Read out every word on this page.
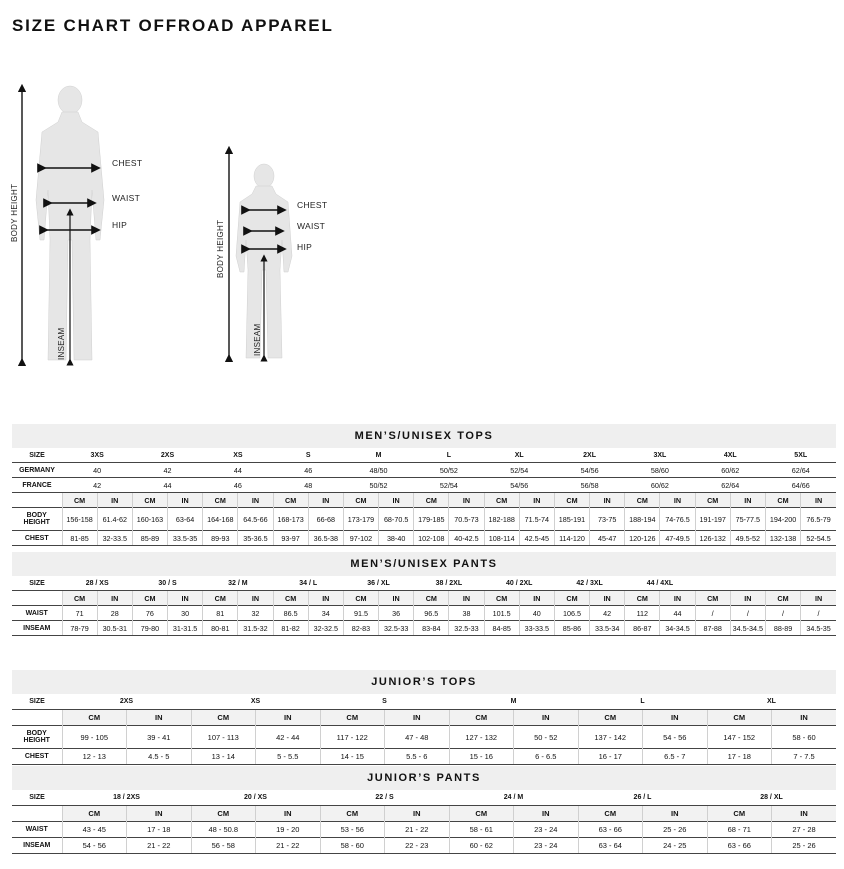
SIZE CHART OFFROAD APPAREL
CHEST
WAIST
HIP
BODY HEIGHT
INSEAM
CHEST
WAIST
HIP
BODY HEIGHT
INSEAM
MEN’S/UNISEX TOPS
SIZE	3XS		2XS		XS		S		M		L		XL		2XL		3XL		4XL		5XL	
GERMANY	40		42		44		46		48/50		50/52		52/54		54/56		58/60		60/62		62/64	
FRANCE	42		44		46		48		50/52		52/54		54/56		56/58		60/62		62/64		64/66	
	CM	IN	CM	IN	CM	IN	CM	IN	CM	IN	CM	IN	CM	IN	CM	IN	CM	IN	CM	IN	CM	IN

BODY
HEIGHT	156-158	61.4-62	160-163	63-64	164-168	64.5-66	168-173	66-68	173-179	68-70.5	179-185	70.5-73	182-188	71.5-74	185-191	73-75	188-194	74-76.5	191-197	75-77.5	194-200	76.5-79

CHEST	81-85	32-33.5	85-89	33.5-35	89-93	35-36.5	93-97	36.5-38	97-102	38-40	102-108	40-42.5	108-114	42.5-45	114-120	45-47	120-126	47-49.5	126-132	49.5-52	132-138	52-54.5
MEN’S/UNISEX PANTS
SIZE	28 / XS		30 / S		32 / M		34 / L		36 / XL		38 / 2XL		40 / 2XL		42 / 3XL		44 / 4XL					
	CM	IN	CM	IN	CM	IN	CM	IN	CM	IN	CM	IN	CM	IN	CM	IN	CM	IN	CM	IN	CM	IN

WAIST	71	28	76	30	81	32	86.5	34	91.5	36	96.5	38	101.5	40	106.5	42	112	44	/	/	/	/

INSEAM	78-79	30.5-31	79-80	31-31.5	80-81	31.5-32	81-82	32-32.5	82-83	32.5-33	83-84	32.5-33	84-85	33-33.5	85-86	33.5-34	86-87	34-34.5	87-88	34.5-34.5	88-89	34.5-35
JUNIOR’S TOPS
SIZE	2XS		XS		S		M		L		XL	
	CM	IN	CM	IN	CM	IN	CM	IN	CM	IN	CM	IN

BODY
HEIGHT	99 - 105	39 - 41	107 - 113	42 - 44	117 - 122	47 - 48	127 - 132	50 - 52	137 - 142	54 - 56	147 - 152	58 - 60

CHEST	12 - 13	4.5 - 5	13 - 14	5 - 5.5	14 - 15	5.5 - 6	15 - 16	6 - 6.5	16 - 17	6.5 - 7	17 - 18	7 - 7.5
JUNIOR’S PANTS
SIZE	18 / 2XS		20 / XS		22 / S		24 / M		26 / L		28 / XL	
	CM	IN	CM	IN	CM	IN	CM	IN	CM	IN	CM	IN

WAIST	43 - 45	17 - 18	48 - 50.8	19 - 20	53 - 56	21 - 22	58 - 61	23 - 24	63 - 66	25 - 26	68 - 71	27 - 28

INSEAM	54 - 56	21 - 22	56 - 58	21 - 22	58 - 60	22 - 23	60 - 62	23 - 24	63 - 64	24 - 25	63 - 66	25 - 26
